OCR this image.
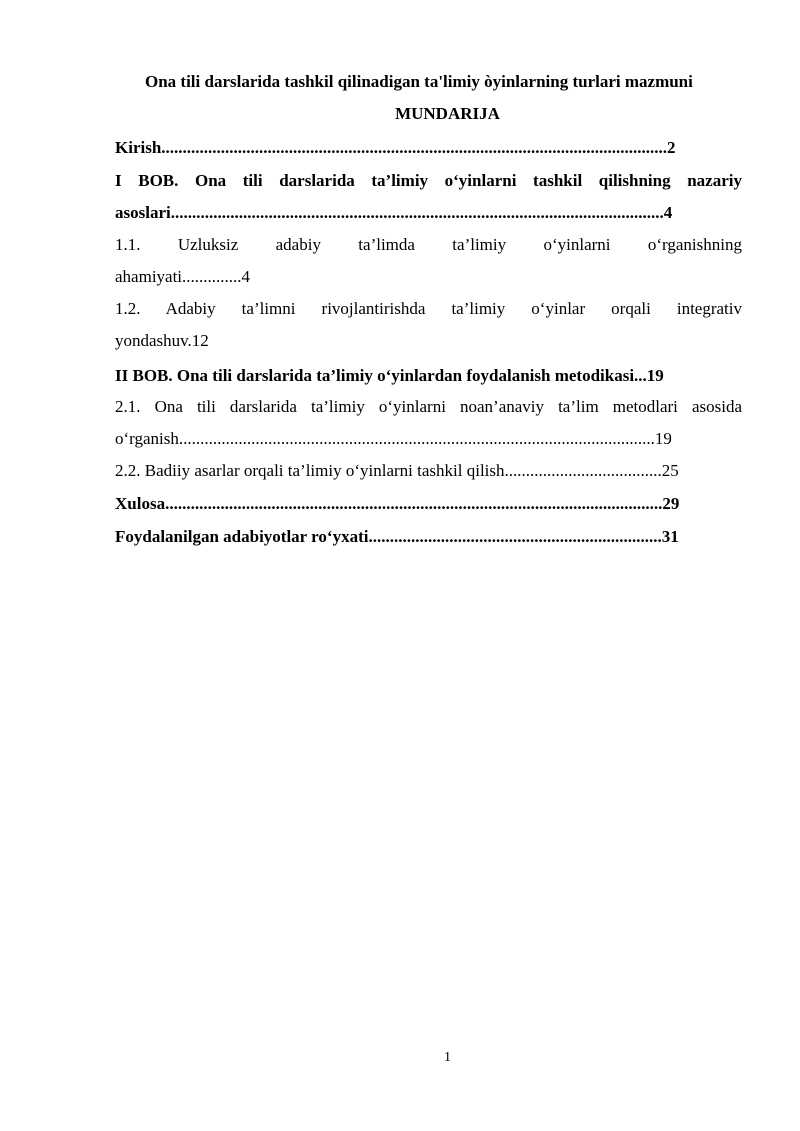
Ona tili darslarida tashkil qilinadigan ta'limiy òyinlarning turlari mazmuni
MUNDARIJA
Kirish.......................................................................................................................2
I BOB. Ona tili darslarida ta’limiy o‘yinlarni tashkil qilishning nazariy
asoslari....................................................................................................................4
1.1. Uzluksiz adabiy ta’limda ta’limiy o‘yinlarni o‘rganishning
ahamiyati..............4
1.2. Adabiy ta’limni rivojlantirishda ta’limiy o‘yinlar orqali integrativ
yondashuv.12
II BOB. Ona tili darslarida ta’limiy o‘yinlardan foydalanish metodikasi...19
2.1. Ona tili darslarida ta’limiy o‘yinlarni noan’anaviy ta’lim metodlari asosida
o‘rganish................................................................................................................19
2.2. Badiiy asarlar orqali ta’limiy o‘yinlarni tashkil qilish.....................................25
Xulosa.....................................................................................................................29
Foydalanilgan adabiyotlar ro‘yxati.....................................................................31
1
